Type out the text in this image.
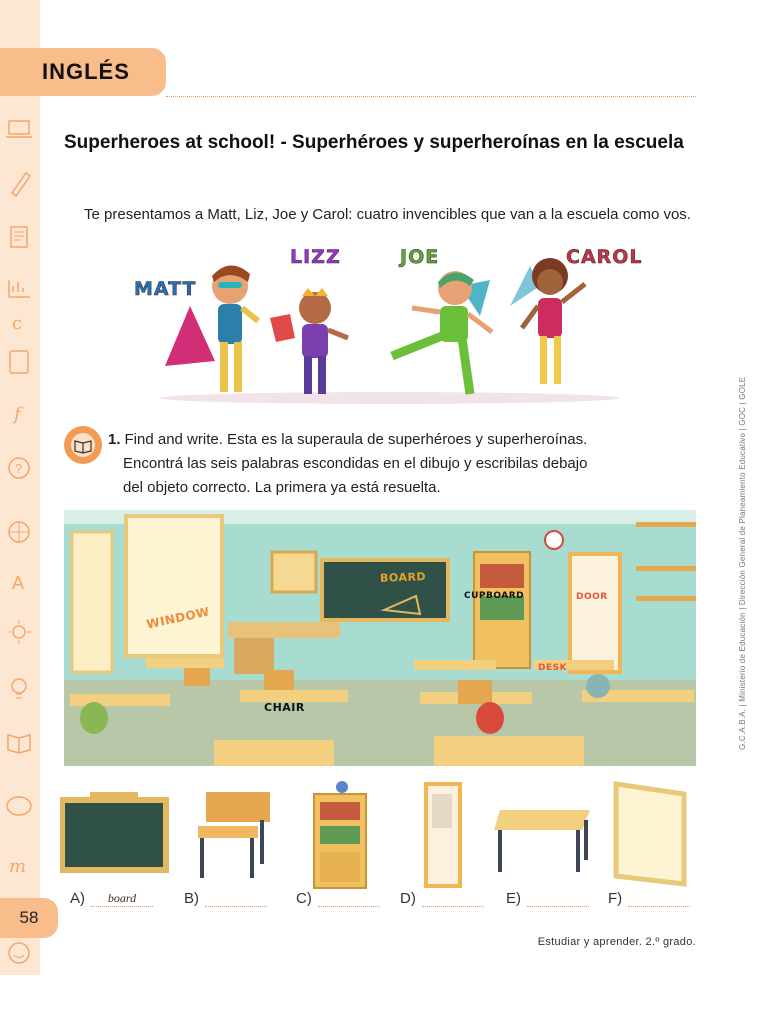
c
f
?
A
m
INGLÉS
Superheroes at school! - Superhéroes y superheroínas en la escuela
Te presentamos a Matt, Liz, Joe y Carol: cuatro invencibles que van a la escuela como vos.
MATT
LIZZ	JOE	CAROL
1. Find and write. Esta es la superaula de superhéroes y superheroínas.
Encontrá las seis palabras escondidas en el dibujo y escribilas debajo
del objeto correcto. La primera ya está resuelta.
BOARD
CUPBOARD	DOOR
WINDOW
DESK
CHAIR
A)	board	B)	C)	D)	E)	F)
58
Estudiar y aprender. 2.º grado.
G.C.A.B.A. | Ministerio de Educación | Dirección General de Planeamiento Educativo | GOC | GOLE
